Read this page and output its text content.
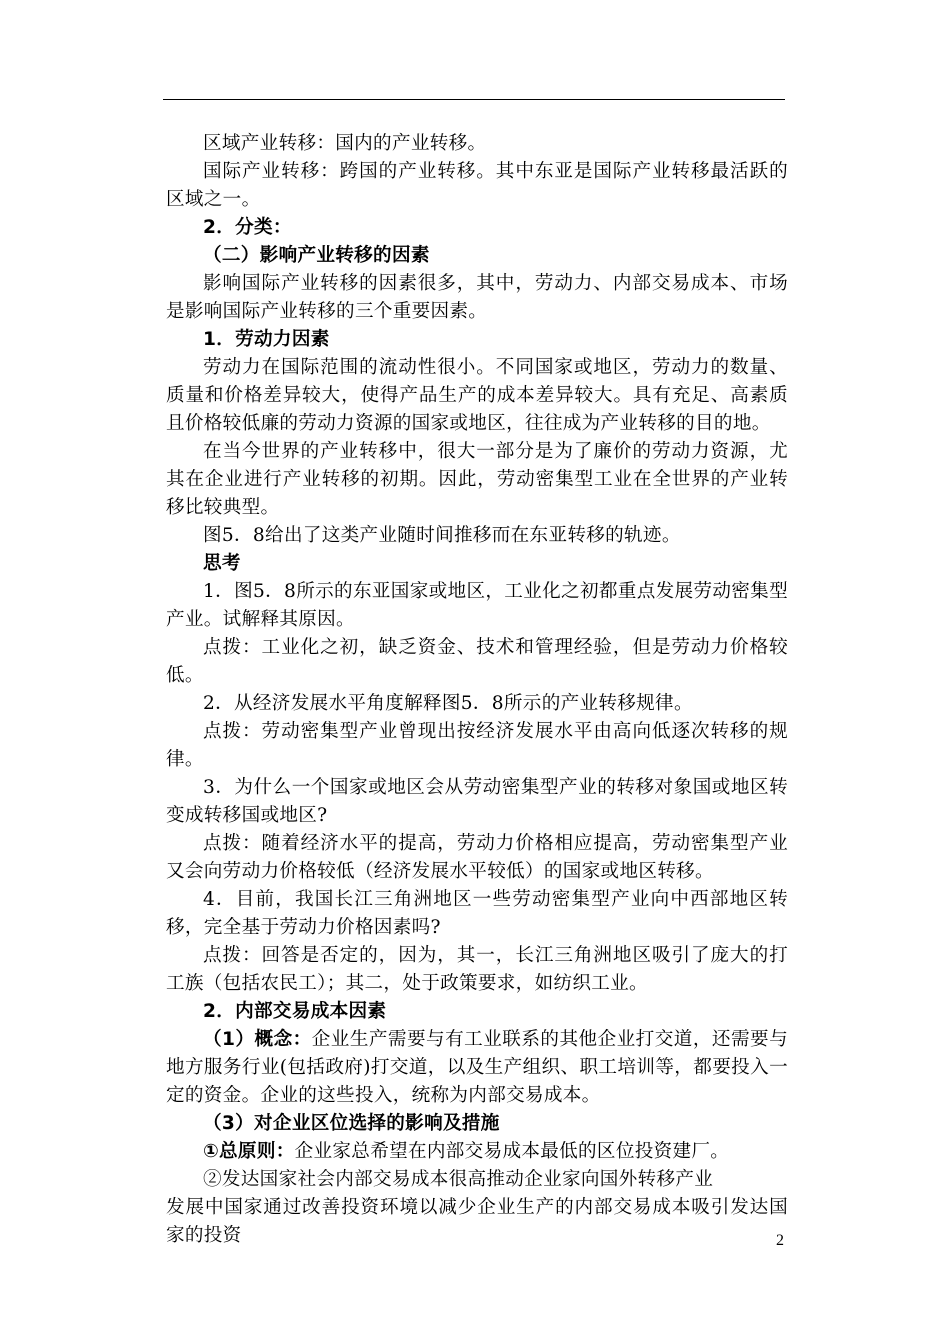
区域产业转移：国内的产业转移。

国际产业转移：跨国的产业转移。其中东亚是国际产业转移最活跃的区域之一。

2．分类：

（二）影响产业转移的因素

影响国际产业转移的因素很多，其中，劳动力、内部交易成本、市场是影响国际产业转移的三个重要因素。

1．劳动力因素

劳动力在国际范围的流动性很小。不同国家或地区，劳动力的数量、质量和价格差异较大，使得产品生产的成本差异较大。具有充足、高素质且价格较低廉的劳动力资源的国家或地区，往往成为产业转移的目的地。

在当今世界的产业转移中，很大一部分是为了廉价的劳动力资源，尤其在企业进行产业转移的初期。因此，劳动密集型工业在全世界的产业转移比较典型。

图5．8给出了这类产业随时间推移而在东亚转移的轨迹。

思考

1．图5．8所示的东亚国家或地区，工业化之初都重点发展劳动密集型产业。试解释其原因。

点拨：工业化之初，缺乏资金、技术和管理经验，但是劳动力价格较低。

2．从经济发展水平角度解释图5．8所示的产业转移规律。

点拨：劳动密集型产业曾现出按经济发展水平由高向低逐次转移的规律。

3．为什么一个国家或地区会从劳动密集型产业的转移对象国或地区转变成转移国或地区?

点拨：随着经济水平的提高，劳动力价格相应提高，劳动密集型产业又会向劳动力价格较低（经济发展水平较低）的国家或地区转移。

4．目前，我国长江三角洲地区一些劳动密集型产业向中西部地区转移，完全基于劳动力价格因素吗?

点拨：回答是否定的，因为，其一，长江三角洲地区吸引了庞大的打工族（包括农民工）；其二，处于政策要求，如纺织工业。

2．内部交易成本因素

（1）概念：企业生产需要与有工业联系的其他企业打交道，还需要与地方服务行业(包括政府)打交道，以及生产组织、职工培训等，都要投入一定的资金。企业的这些投入，统称为内部交易成本。

（3）对企业区位选择的影响及措施

①总原则：企业家总希望在内部交易成本最低的区位投资建厂。

②发达国家社会内部交易成本很高推动企业家向国外转移产业

发展中国家通过改善投资环境以减少企业生产的内部交易成本吸引发达国家的投资	2
